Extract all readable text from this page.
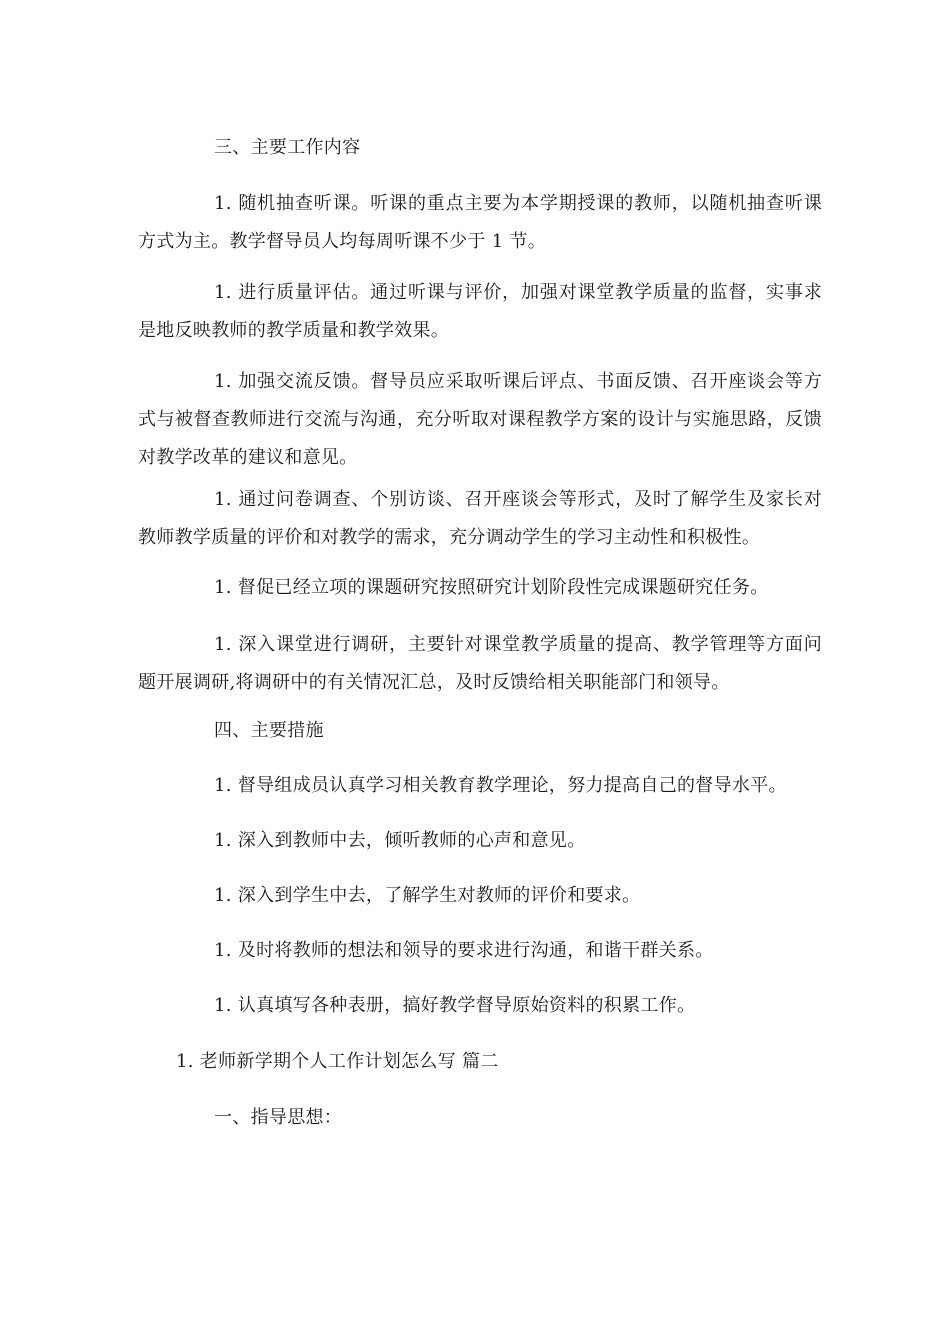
三、主要工作内容
1. 随机抽查听课。听课的重点主要为本学期授课的教师，以随机抽查听课方式为主。教学督导员人均每周听课不少于 1 节。
1. 进行质量评估。通过听课与评价，加强对课堂教学质量的监督，实事求是地反映教师的教学质量和教学效果。
1. 加强交流反馈。督导员应采取听课后评点、书面反馈、召开座谈会等方式与被督查教师进行交流与沟通，充分听取对课程教学方案的设计与实施思路，反馈对教学改革的建议和意见。
1. 通过问卷调查、个别访谈、召开座谈会等形式，及时了解学生及家长对教师教学质量的评价和对教学的需求，充分调动学生的学习主动性和积极性。
1. 督促已经立项的课题研究按照研究计划阶段性完成课题研究任务。
1. 深入课堂进行调研，主要针对课堂教学质量的提高、教学管理等方面问题开展调研,将调研中的有关情况汇总，及时反馈给相关职能部门和领导。
四、主要措施
1. 督导组成员认真学习相关教育教学理论，努力提高自己的督导水平。
1. 深入到教师中去，倾听教师的心声和意见。
1. 深入到学生中去，了解学生对教师的评价和要求。
1. 及时将教师的想法和领导的要求进行沟通，和谐干群关系。
1. 认真填写各种表册，搞好教学督导原始资料的积累工作。
1. 老师新学期个人工作计划怎么写 篇二
一、指导思想：
